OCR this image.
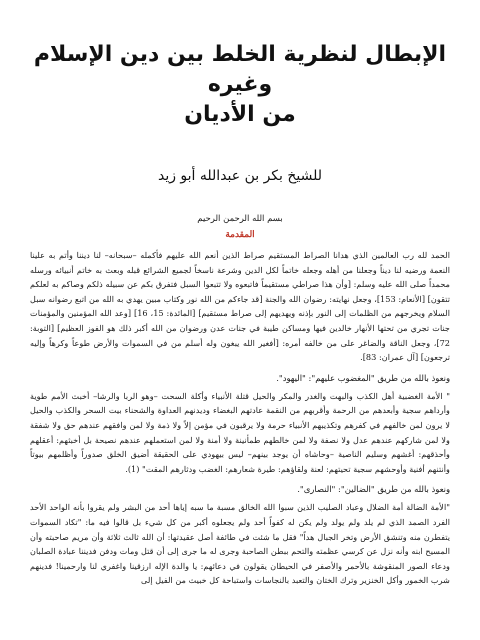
الإبطال لنظرية الخلط بين دين الإسلام وغيره
من الأديان
للشيخ بكر بن عبدالله أبو زيد
بسم الله الرحمن الرحيم
المقدمة

الحمد لله رب العالمين الذي هدانا الصراط المستقيم صراط الذين أنعم الله عليهم فأكمله –سبحانه– لنا ديننا وأتم به علينا النعمة ورضيه لنا ديناً وجعلنا من أهله وجعله خاتماً لكل الدين وشرعة ناسخاً لجميع الشرائع قبله وبعث به خاتم أنبيائه ورسله محمداً صلى الله عليه وسلم: [وأن هذا صراطي مستقيماً فاتبعوه ولا تتبعوا السبل فتفرق بكم عن سبيله ذلكم وصاكم به لعلكم تتقون] [الأنعام: 153]، وجعل نهايته: رضوان الله والجنة [قد جاءكم من الله نور وكتاب مبين يهدي به الله من اتبع رضوانه سبل السلام ويخرجهم من الظلمات إلى النور بإذنه ويهديهم إلى صراط مستقيم] [المائدة: 15، 16] [وعد الله المؤمنين والمؤمنات جنات تجري من تحتها الأنهار خالدين فيها ومساكن طيبة في جنات عدن ورضوان من الله أكبر ذلك هو الفوز العظيم] [التوبة: 72]، وجعل الناقة والضاغر على من خالفه أمره: [أفغير الله يبغون وله أسلم من في السموات والأرض طوعاً وكرهاً وإليه ترجعون] [آل عمران: 83].

ونعوذ بالله من طريق "المغضوب عليهم": "اليهود".

" الأمة الغضبية أهل الكذب والبهت والغدر والمكر والحيل قتلة الأنبياء وأكلة السحت –وهو الربا والرشا– أخبث الأمم طوية وأرداهم سجية وأبعدهم من الرحمة وأقربهم من النقمة عادتهم البغضاء وديدنهم العداوة والشحناء بيت السحر والكذب والحيل لا يرون لمن خالفهم في كفرهم وتكذيبهم الأنبياء حرمة ولا يرقبون في مؤمن إلاً ولا ذمة ولا لمن وافقهم عندهم حق ولا شفقة ولا لمن شاركهم عندهم عدل ولا نصفة ولا لمن خالطهم طمأنينة ولا أمنة ولا لمن استعملهم عندهم نصيحة بل أخبثهم: أعقلهم وأحذقهم: أغشهم وسليم الناصية –وحاشاه أن يوجد بينهم– ليس بيهودي على الحقيقة أضيق الخلق صدوراً وأظلمهم بيوتاً وأنتنهم أفنية وأوحشهم سجية تحيتهم: لعنة ولقاؤهم: طيرة شعارهم: الغضب ودثارهم المقت" (1).

ونعوذ بالله من طريق "الضالين": "النصارى".

"الأمة الضالة أمة الضلال وعباد الصليب الذين سبوا الله الخالق مسبة ما سبه إياها أحد من البشر ولم يقروا بأنه الواحد الأحد الفرد الصمد الذي لم يلد ولم يولد ولم يكن له كفواً أحد ولم يجعلوه أكبر من كل شيء بل قالوا فيه ما: "تكاد السموات يتفطرن منه وتنشق الأرض وتخر الجبال هداً" فقل ما شئت في طائفة أصل عقيدتها: أن الله ثالث ثلاثة وأن مريم صاحبته وأن المسيح ابنه وأنه نزل عن كرسي عظمته والتحم ببطن الصاحبة وجرى له ما جرى إلى أن قتل ومات ودفن فديننا عبادة الصلبان ودعاء الصور المنقوشة بالأحمر والأصفر في الحيطان يقولون في دعائهم: يا والدة الإله ارزقينا واغفري لنا وارحمينا! فدينهم شرب الخمور وأكل الخنزير وترك الختان والتعبد بالنجاسات واستباحة كل خبيث من الفيل إلى
